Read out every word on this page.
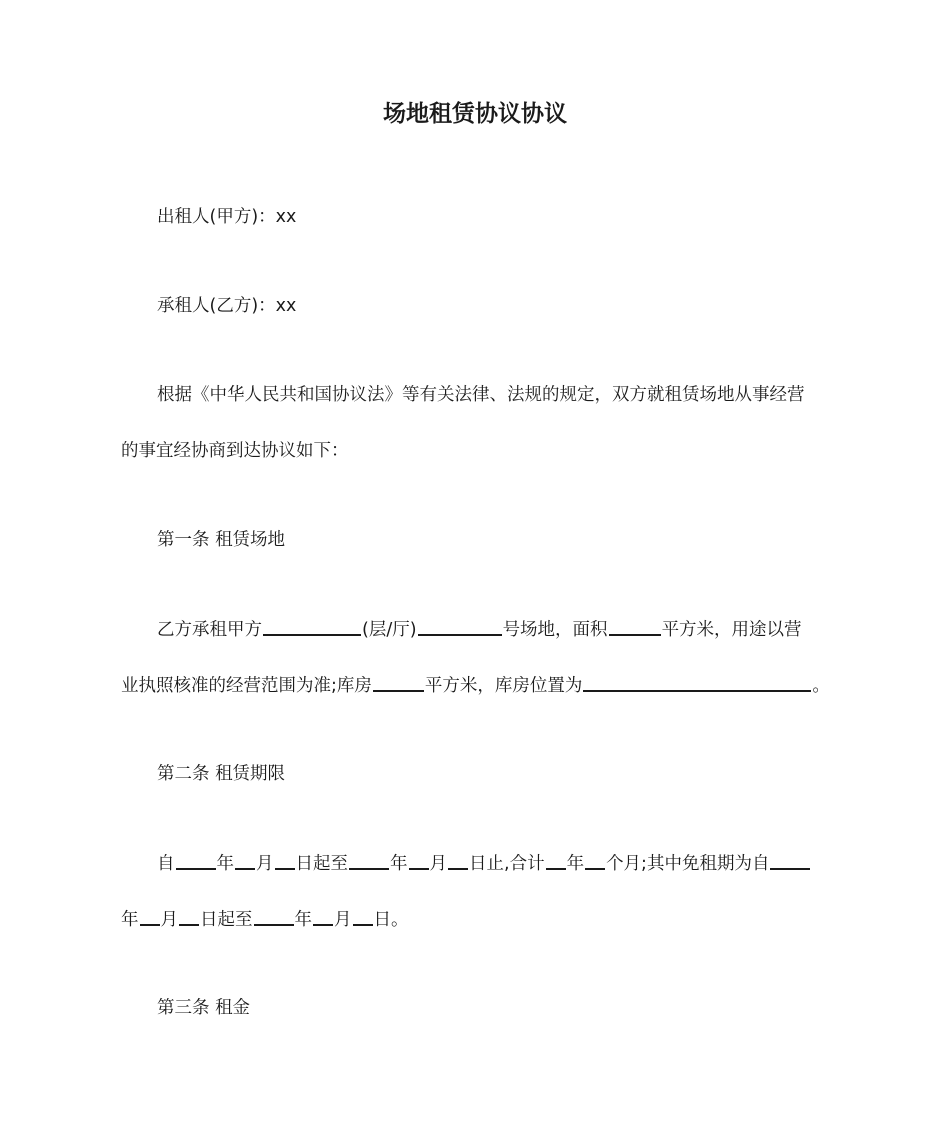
场地租赁协议协议
出租人(甲方)：xx
承租人(乙方)：xx
根据《中华人民共和国协议法》等有关法律、法规的规定，双方就租赁场地从事经营
的事宜经协商到达协议如下：
第一条 租赁场地
乙方承租甲方	(层/厅)	号场地，面积	平方米，用途以营
业执照核准的经营范围为准;库房	平方米，库房位置为	。
第二条 租赁期限
自 年 月 日起至 年 月 日止,合计 年 个月;其中免租期为自
年 月 日起至 年 月 日。
第三条 租金
